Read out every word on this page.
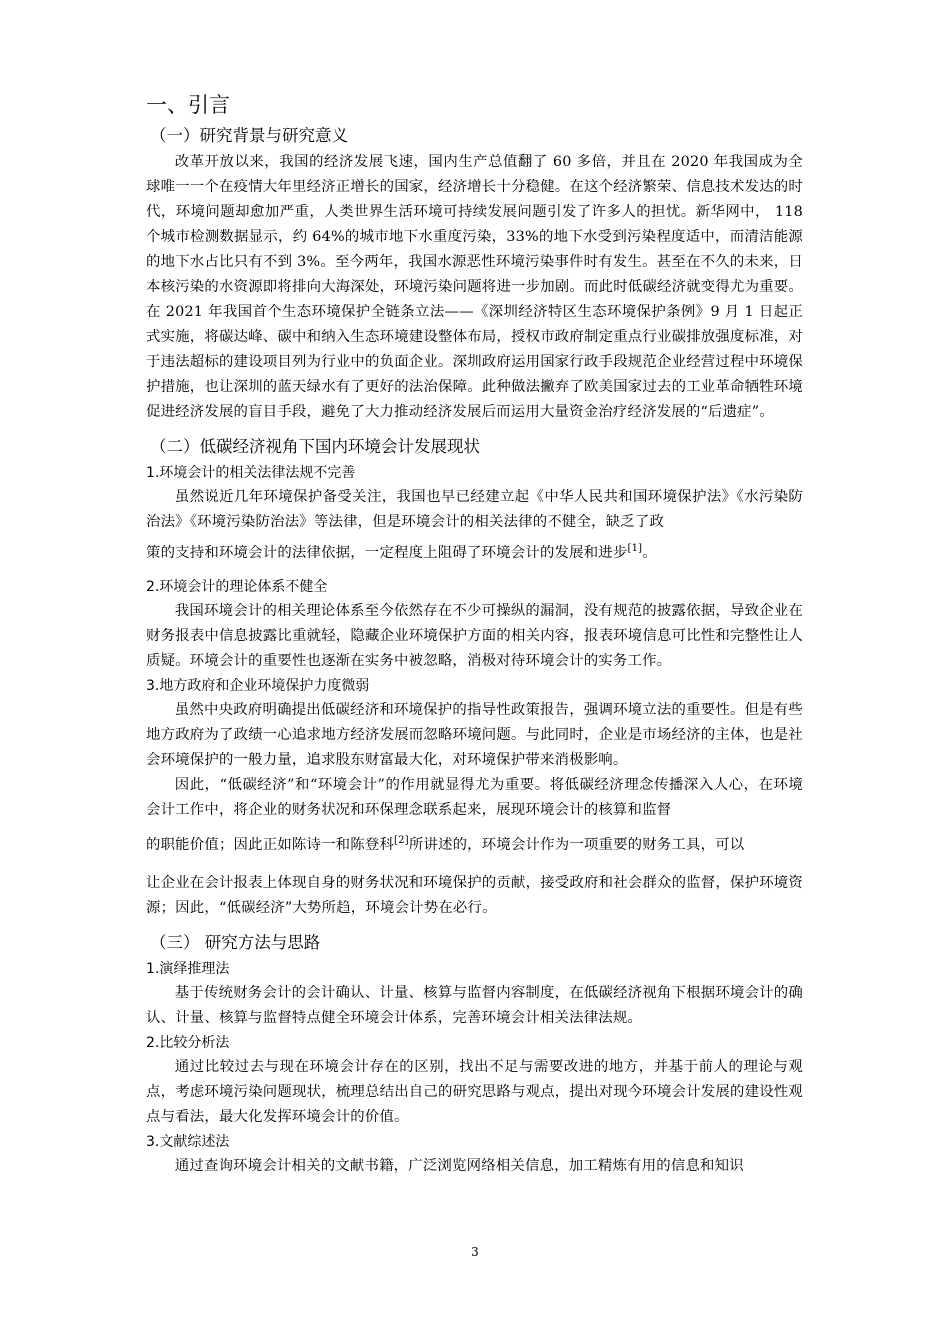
一、引言
（一）研究背景与研究意义

改革开放以来，我国的经济发展飞速，国内生产总值翻了 60 多倍，并且在 2020 年我国成为全球唯一一个在疫情大年里经济正增长的国家，经济增长十分稳健。在这个经济繁荣、信息技术发达的时代，环境问题却愈加严重，人类世界生活环境可持续发展问题引发了许多人的担忧。新华网中， 118 个城市检测数据显示，约 64%的城市地下水重度污染，33%的地下水受到污染程度适中，而清洁能源的地下水占比只有不到 3%。至今两年，我国水源恶性环境污染事件时有发生。甚至在不久的未来，日本核污染的水资源即将排向大海深处，环境污染问题将进一步加剧。而此时低碳经济就变得尤为重要。在 2021 年我国首个生态环境保护全链条立法——《深圳经济特区生态环境保护条例》9 月 1 日起正式实施，将碳达峰、碳中和纳入生态环境建设整体布局，授权市政府制定重点行业碳排放强度标准，对于违法超标的建设项目列为行业中的负面企业。深圳政府运用国家行政手段规范企业经营过程中环境保护措施，也让深圳的蓝天绿水有了更好的法治保障。此种做法撇弃了欧美国家过去的工业革命牺牲环境促进经济发展的盲目手段，避免了大力推动经济发展后而运用大量资金治疗经济发展的“后遗症”。

（二）低碳经济视角下国内环境会计发展现状
1.环境会计的相关法律法规不完善

虽然说近几年环境保护备受关注，我国也早已经建立起《中华人民共和国环境保护法》《水污染防治法》《环境污染防治法》等法律，但是环境会计的相关法律的不健全，缺乏了政

策的支持和环境会计的法律依据，一定程度上阻碍了环境会计的发展和进步[1]。

2.环境会计的理论体系不健全

我国环境会计的相关理论体系至今依然存在不少可操纵的漏洞，没有规范的披露依据，导致企业在财务报表中信息披露比重就轻，隐藏企业环境保护方面的相关内容，报表环境信息可比性和完整性让人质疑。环境会计的重要性也逐渐在实务中被忽略，消极对待环境会计的实务工作。

3.地方政府和企业环境保护力度微弱

虽然中央政府明确提出低碳经济和环境保护的指导性政策报告，强调环境立法的重要性。但是有些地方政府为了政绩一心追求地方经济发展而忽略环境问题。与此同时，企业是市场经济的主体，也是社会环境保护的一般力量，追求股东财富最大化，对环境保护带来消极影响。

因此，“低碳经济”和“环境会计”的作用就显得尤为重要。将低碳经济理念传播深入人心，在环境会计工作中，将企业的财务状况和环保理念联系起来，展现环境会计的核算和监督

的职能价值；因此正如陈诗一和陈登科[2]所讲述的，环境会计作为一项重要的财务工具，可以

让企业在会计报表上体现自身的财务状况和环境保护的贡献，接受政府和社会群众的监督，保护环境资源；因此，“低碳经济”大势所趋，环境会计势在必行。

（三） 研究方法与思路
1.演绎推理法

基于传统财务会计的会计确认、计量、核算与监督内容制度，在低碳经济视角下根据环境会计的确认、计量、核算与监督特点健全环境会计体系，完善环境会计相关法律法规。

2.比较分析法

通过比较过去与现在环境会计存在的区别，找出不足与需要改进的地方，并基于前人的理论与观点，考虑环境污染问题现状，梳理总结出自己的研究思路与观点，提出对现今环境会计发展的建设性观点与看法，最大化发挥环境会计的价值。

3.文献综述法

通过查询环境会计相关的文献书籍，广泛浏览网络相关信息，加工精炼有用的信息和知识

3
